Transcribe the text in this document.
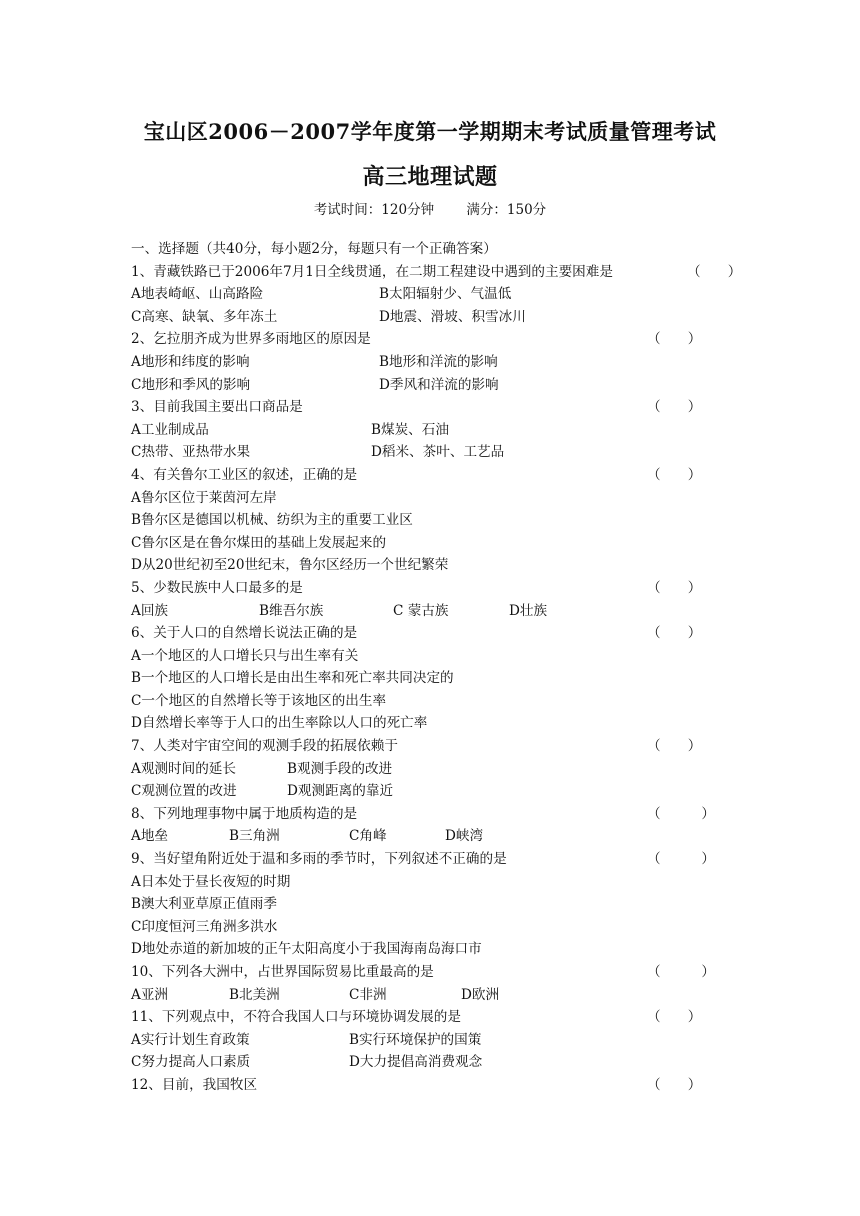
宝山区2006－2007学年度第一学期期末考试质量管理考试
高三地理试题
考试时间：120分钟 满分：150分
一、选择题（共40分，每小题2分，每题只有一个正确答案）
1、青藏铁路已于2006年7月1日全线贯通，在二期工程建设中遇到的主要困难是	（　　）
A地表崎岖、山高路险	B太阳辐射少、气温低
C高寒、缺氧、多年冻土	D地震、滑坡、积雪冰川
2、乞拉朋齐成为世界多雨地区的原因是	（　　）
A地形和纬度的影响	B地形和洋流的影响
C地形和季风的影响	D季风和洋流的影响
3、目前我国主要出口商品是	（　　）
A工业制成品	B煤炭、石油
C热带、亚热带水果	D稻米、茶叶、工艺品
4、有关鲁尔工业区的叙述，正确的是	（　　）
A鲁尔区位于莱茵河左岸
B鲁尔区是德国以机械、纺织为主的重要工业区
C鲁尔区是在鲁尔煤田的基础上发展起来的
D从20世纪初至20世纪末，鲁尔区经历一个世纪繁荣
5、少数民族中人口最多的是	（　　）
A回族	B维吾尔族	C 蒙古族	D壮族
6、关于人口的自然增长说法正确的是	（　　）
A一个地区的人口增长只与出生率有关
B一个地区的人口增长是由出生率和死亡率共同决定的
C一个地区的自然增长等于该地区的出生率
D自然增长率等于人口的出生率除以人口的死亡率
7、人类对宇宙空间的观测手段的拓展依赖于	（　　）
A观测时间的延长	B观测手段的改进
C观测位置的改进	D观测距离的靠近
8、下列地理事物中属于地质构造的是	（　　　）
A地垒	B三角洲	C角峰	D峡湾
9、当好望角附近处于温和多雨的季节时，下列叙述不正确的是	（　　　）
A日本处于昼长夜短的时期
B澳大利亚草原正值雨季
C印度恒河三角洲多洪水
D地处赤道的新加坡的正午太阳高度小于我国海南岛海口市
10、下列各大洲中，占世界国际贸易比重最高的是	（　　　）
A亚洲	B北美洲	C非洲	D欧洲
11、下列观点中，不符合我国人口与环境协调发展的是	（　　）
A实行计划生育政策	B实行环境保护的国策
C努力提高人口素质	D大力提倡高消费观念
12、目前，我国牧区	（　　）
